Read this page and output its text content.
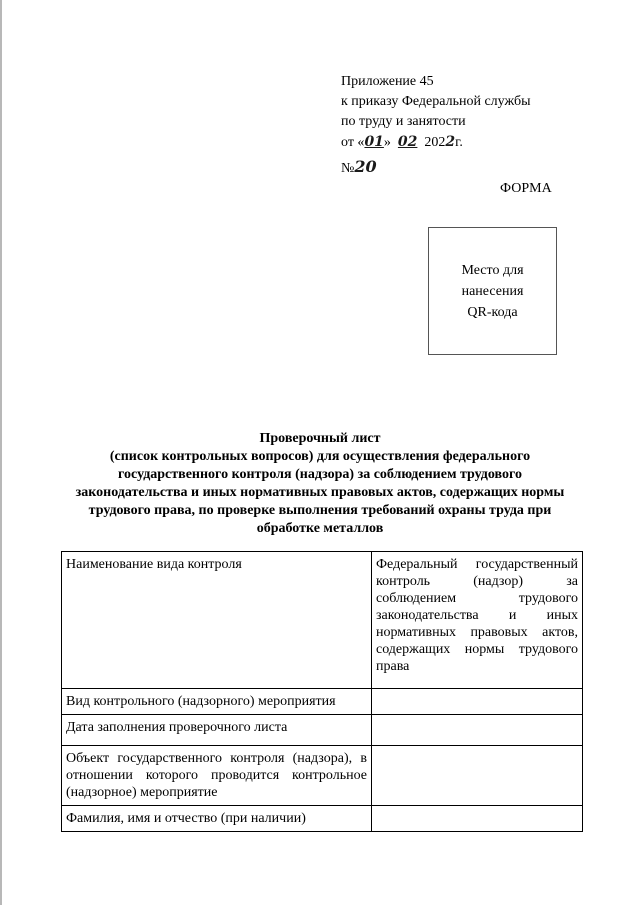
Приложение 45
к приказу Федеральной службы
по труду и занятости
от «01» 02 2022г.
№20
ФОРМА
Место для
нанесения
QR-кода
Проверочный лист
(список контрольных вопросов) для осуществления федерального
государственного контроля (надзора) за соблюдением трудового
законодательства и иных нормативных правовых актов, содержащих нормы
трудового права, по проверке выполнения требований охраны труда при
обработке металлов
Наименование вида контроля	Федеральный государственный контроль (надзор) за соблюдением трудового законодательства и иных нормативных правовых актов, содержащих нормы трудового права
Вид контрольного (надзорного) мероприятия	
Дата заполнения проверочного листа	
Объект государственного контроля (надзора), в отношении которого проводится контрольное (надзорное) мероприятие	
Фамилия, имя и отчество (при наличии)	
